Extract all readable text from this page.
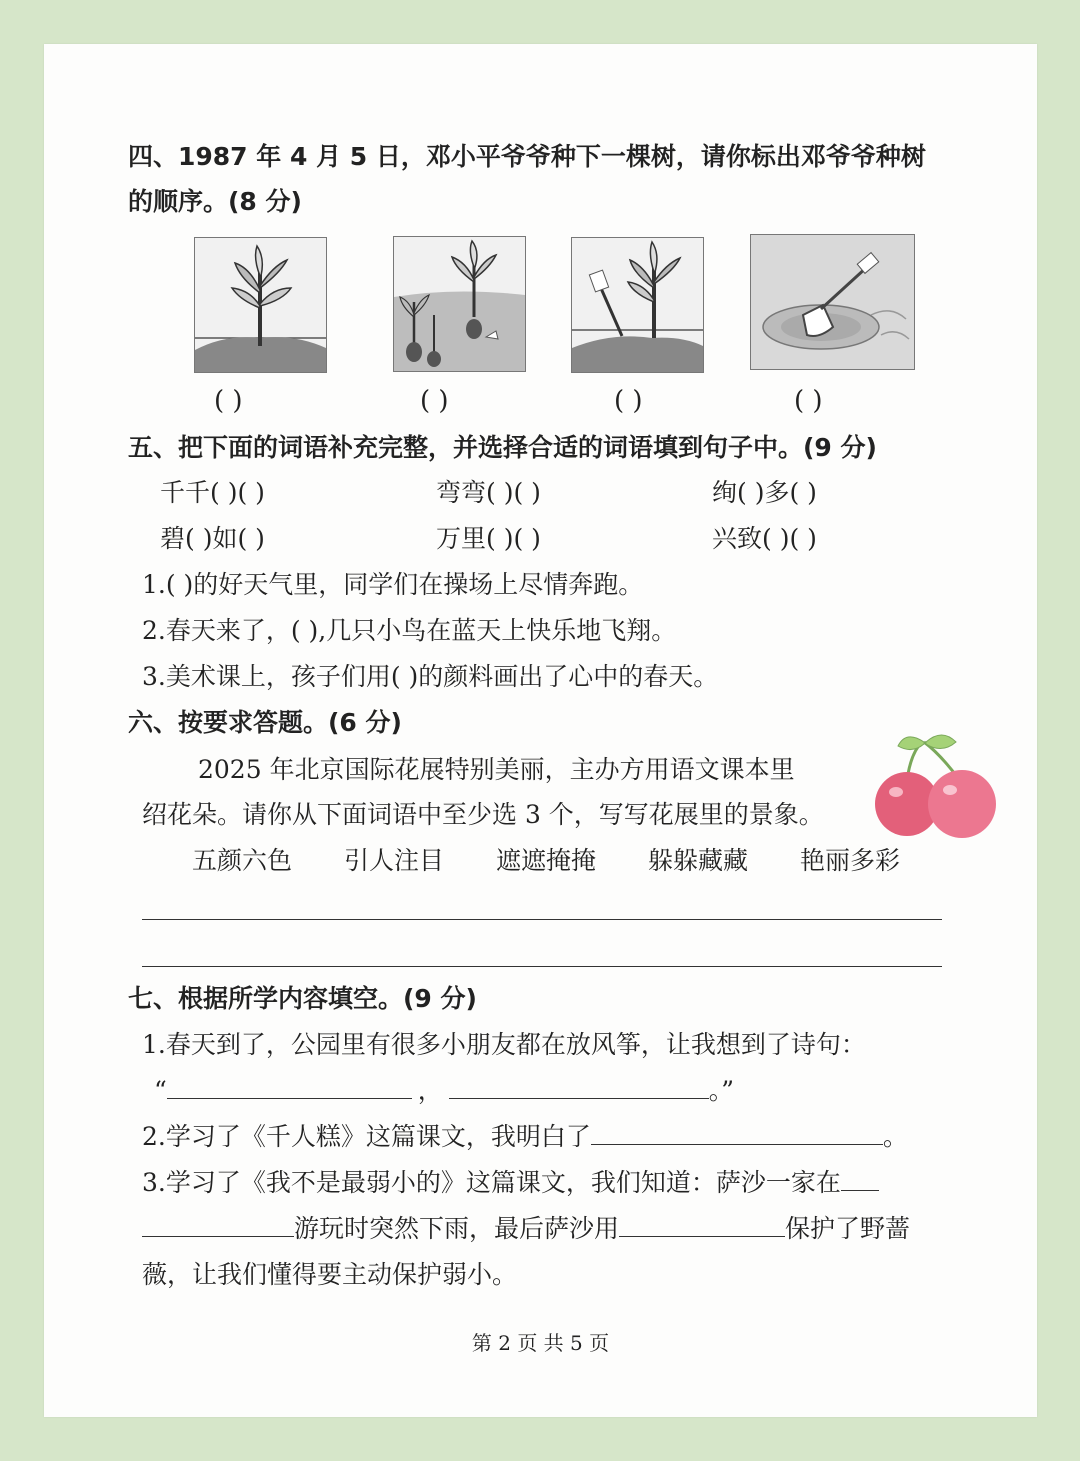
四、1987 年 4 月 5 日，邓小平爷爷种下一棵树，请你标出邓爷爷种树
的顺序。(8 分)
( )	( )	( )	( )
五、把下面的词语补充完整，并选择合适的词语填到句子中。(9 分)
千千( )( )	弯弯( )( )	绚( )多( )
碧( )如( )	万里( )( )	兴致( )( )
1.( )的好天气里，同学们在操场上尽情奔跑。
2.春天来了，( ),几只小鸟在蓝天上快乐地飞翔。
3.美术课上，孩子们用( )的颜料画出了心中的春天。
六、按要求答题。(6 分)
2025 年北京国际花展特别美丽，主办方用语文课本里
绍花朵。请你从下面词语中至少选 3 个，写写花展里的景象。
五颜六色 引人注目 遮遮掩掩 躲躲藏藏 艳丽多彩
七、根据所学内容填空。(9 分)
1.春天到了，公园里有很多小朋友都在放风筝，让我想到了诗句：
“	，	。”
2.学习了《千人糕》这篇课文，我明白了	。
3.学习了《我不是最弱小的》这篇课文，我们知道：萨沙一家在
游玩时突然下雨，最后萨沙用	保护了野蔷
薇，让我们懂得要主动保护弱小。
第 2 页 共 5 页
